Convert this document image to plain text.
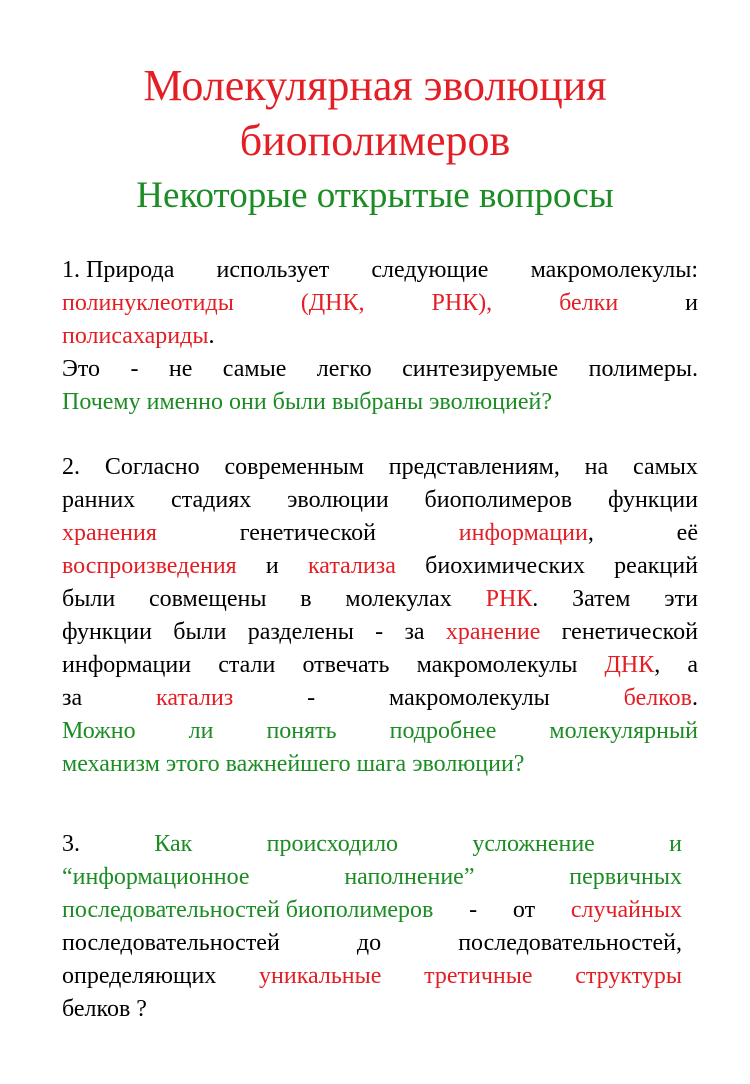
Молекулярная эволюция
биополимеров
Некоторые открытые вопросы
1. Природа использует следующие макромолекулы:
полинуклеотиды	(ДНК,	РНК),	белки	и
полисахариды.
Это - не самые легко синтезируемые полимеры.
Почему именно они были выбраны эволюцией?
2. Согласно современным представлениям, на самых
ранних стадиях эволюции биополимеров функции
хранения	генетической	информации,	её
воспроизведения и катализа биохимических реакций
были совмещены в молекулах РНК. Затем эти
функции были разделены - за хранение генетической
информации стали отвечать макромолекулы ДНК, а
за	катализ	-	макромолекулы	белков.
Можно ли понять подробнее молекулярный
механизм этого важнейшего шага эволюции?
3.	Как	происходило	усложнение	и
“информационное	наполнение”	первичных
последовательностей биополимеров - от случайных
последовательностей	до	последовательностей,
определяющих уникальные третичные структуры
белков ?
